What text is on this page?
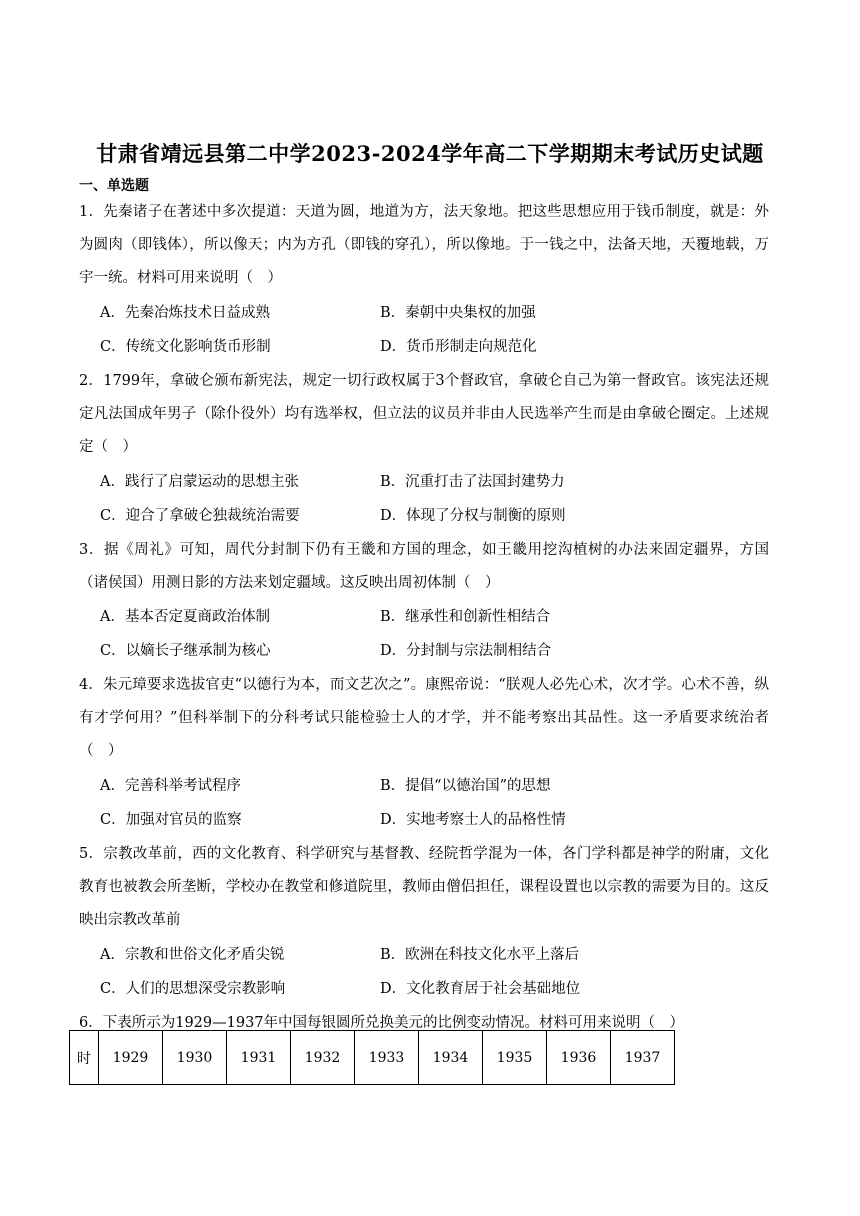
甘肃省靖远县第二中学2023-2024学年高二下学期期末考试历史试题
一、单选题
1．先秦诸子在著述中多次提道：天道为圆，地道为方，法天象地。把这些思想应用于钱币制度，就是：外为圆肉（即钱体），所以像天；内为方孔（即钱的穿孔），所以像地。于一钱之中，法备天地，天覆地载，万宇一统。材料可用来说明（　）
A．先秦冶炼技术日益成熟	B．秦朝中央集权的加强
C．传统文化影响货币形制	D．货币形制走向规范化
2．1799年，拿破仑颁布新宪法，规定一切行政权属于3个督政官，拿破仑自己为第一督政官。该宪法还规定凡法国成年男子（除仆役外）均有选举权，但立法的议员并非由人民选举产生而是由拿破仑圈定。上述规定（　）
A．践行了启蒙运动的思想主张	B．沉重打击了法国封建势力
C．迎合了拿破仑独裁统治需要	D．体现了分权与制衡的原则
3．据《周礼》可知，周代分封制下仍有王畿和方国的理念，如王畿用挖沟植树的办法来固定疆界，方国（诸侯国）用测日影的方法来划定疆域。这反映出周初体制（　）
A．基本否定夏商政治体制	B．继承性和创新性相结合
C．以嫡长子继承制为核心	D．分封制与宗法制相结合
4．朱元璋要求选拔官吏“以德行为本，而文艺次之”。康熙帝说：“朕观人必先心术，次才学。心术不善，纵有才学何用？”但科举制下的分科考试只能检验士人的才学，并不能考察出其品性。这一矛盾要求统治者（　）
A．完善科举考试程序	B．提倡“以德治国”的思想
C．加强对官员的监察	D．实地考察士人的品格性情
5．宗教改革前，西的文化教育、科学研究与基督教、经院哲学混为一体，各门学科都是神学的附庸，文化教育也被教会所垄断，学校办在教堂和修道院里，教师由僧侣担任，课程设置也以宗教的需要为目的。这反映出宗教改革前
A．宗教和世俗文化矛盾尖锐	B．欧洲在科技文化水平上落后
C．人们的思想深受宗教影响	D．文化教育居于社会基础地位
6．下表所示为1929—1937年中国每银圆所兑换美元的比例变动情况。材料可用来说明（　）
时	1929	1930	1931	1932	1933	1934	1935	1936	1937
